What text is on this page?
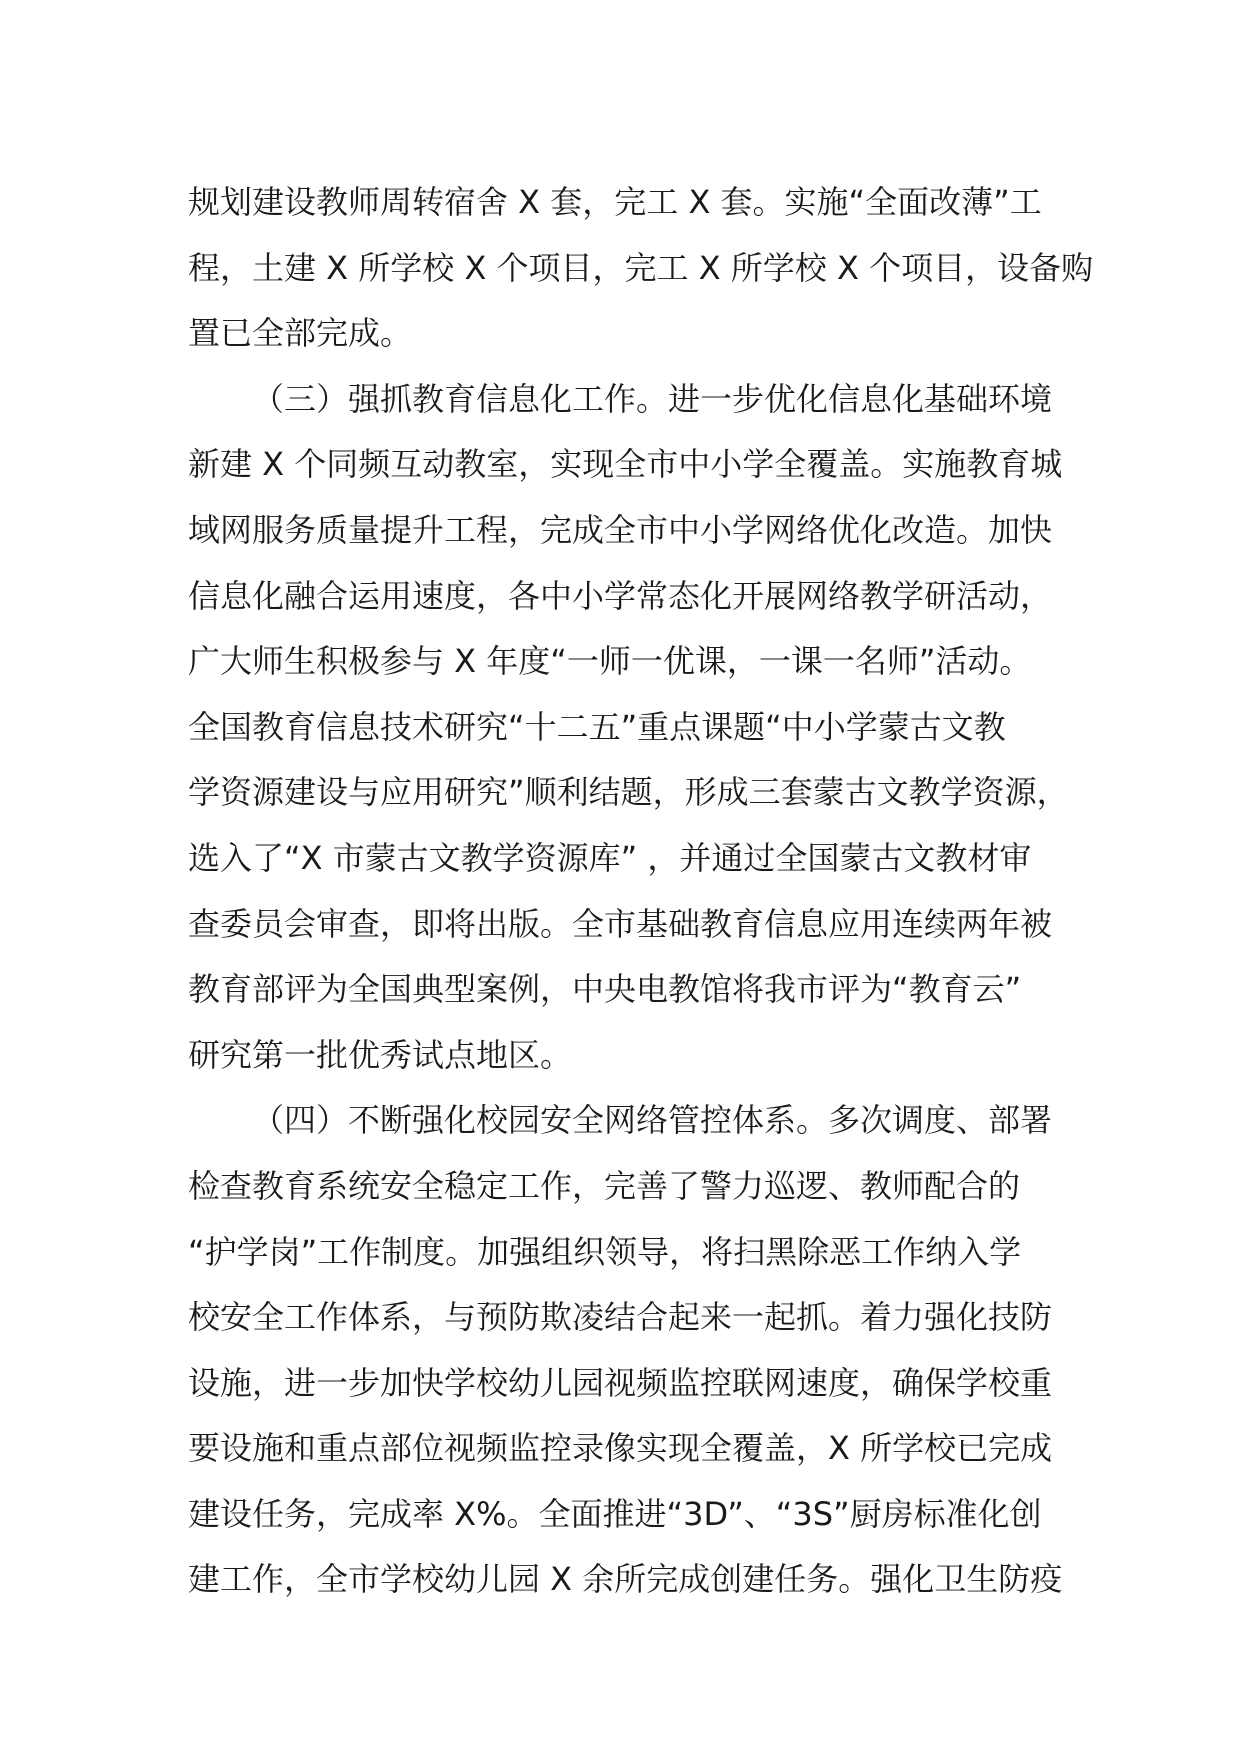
规划建设教师周转宿舍 X 套，完工 X 套。实施“全面改薄”工
程，土建 X 所学校 X 个项目，完工 X 所学校 X 个项目，设备购
置已全部完成。
（三）强抓教育信息化工作。进一步优化信息化基础环境
新建 X 个同频互动教室，实现全市中小学全覆盖。实施教育城
域网服务质量提升工程，完成全市中小学网络优化改造。加快
信息化融合运用速度，各中小学常态化开展网络教学研活动，
广大师生积极参与 X 年度“一师一优课，一课一名师”活动。
全国教育信息技术研究“十二五”重点课题“中小学蒙古文教
学资源建设与应用研究”顺利结题，形成三套蒙古文教学资源，
选入了“X 市蒙古文教学资源库” ，并通过全国蒙古文教材审
查委员会审查，即将出版。全市基础教育信息应用连续两年被
教育部评为全国典型案例，中央电教馆将我市评为“教育云”
研究第一批优秀试点地区。
（四）不断强化校园安全网络管控体系。多次调度、部署
检查教育系统安全稳定工作，完善了警力巡逻、教师配合的
“护学岗”工作制度。加强组织领导，将扫黑除恶工作纳入学
校安全工作体系，与预防欺凌结合起来一起抓。着力强化技防
设施，进一步加快学校幼儿园视频监控联网速度，确保学校重
要设施和重点部位视频监控录像实现全覆盖，X 所学校已完成
建设任务，完成率 X%。全面推进“3D”、“3S”厨房标准化创
建工作，全市学校幼儿园 X 余所完成创建任务。强化卫生防疫
